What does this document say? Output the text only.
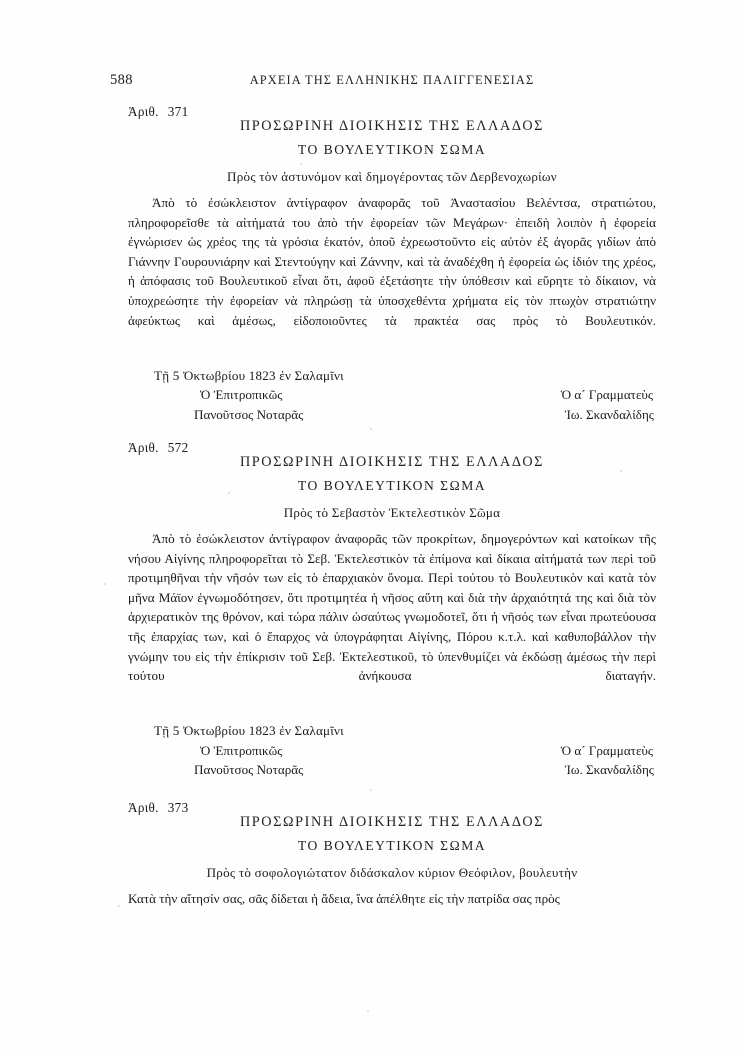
588	ΑΡΧΕΙΑ ΤΗΣ ΕΛΛΗΝΙΚΗΣ ΠΑΛΙΓΓΕΝΕΣΙΑΣ
Ἀριθ. 371
ΠΡΟΣΩΡΙΝΗ ΔΙΟΙΚΗΣΙΣ ΤΗΣ ΕΛΛΑΔΟΣ
ΤΟ ΒΟΥΛΕΥΤΙΚΟΝ ΣΩΜΑ
Πρὸς τὸν ἀστυνόμον καὶ δημογέροντας τῶν Δερβενοχωρίων
Ἀπὸ τὸ ἐσώκλειστον ἀντίγραφον ἀναφορᾶς τοῦ Ἀναστασίου Βελέντσα, στρατιώτου, πληροφορεῖσθε τὰ αἰτήματά του ἀπὸ τὴν ἐφορείαν τῶν Μεγάρων· ἐπειδὴ λοιπὸν ἡ ἐφορεία ἐγνώρισεν ὡς χρέος της τὰ γρόσια ἑκατόν, ὁποῦ ἐχρεωστοῦντο εἰς αὐτὸν ἐξ ἀγορᾶς γιδίων ἀπὸ Γιάννην Γουρουνιάρην καὶ Στεντούγην καὶ Ζάννην, καὶ τὰ ἀναδέχθη ἡ ἐφορεία ὡς ἰδιόν της χρέος, ἡ ἀπόφασις τοῦ Βουλευτικοῦ εἶναι ὅτι, ἀφοῦ ἐξετάσητε τὴν ὑπόθεσιν καὶ εὕρητε τὸ δίκαιον, νὰ ὑποχρεώσητε τὴν ἐφορείαν νὰ πληρώσῃ τὰ ὑποσχεθέντα χρήματα εἰς τὸν πτωχὸν στρατιώτην ἀφεύκτως καὶ ἀμέσως, εἰδοποιοῦντες τὰ πρακτέα σας πρὸς τὸ Βουλευτικόν.
Τῇ 5 Ὀκτωβρίου 1823 ἐν Σαλαμῖνι
Ὁ Ἐπιτροπικῶς
Πανοῦτσος Νοταρᾶς
Ὁ α´ Γραμματεὺς
Ἰω. Σκανδαλίδης
Ἀριθ. 572
ΠΡΟΣΩΡΙΝΗ ΔΙΟΙΚΗΣΙΣ ΤΗΣ ΕΛΛΑΔΟΣ
ΤΟ ΒΟΥΛΕΥΤΙΚΟΝ ΣΩΜΑ
Πρὸς τὸ Σεβαστὸν Ἐκτελεστικὸν Σῶμα
Ἀπὸ τὸ ἐσώκλειστον ἀντίγραφον ἀναφορᾶς τῶν προκρίτων, δημογερόντων καὶ κατοίκων τῆς νήσου Αἰγίνης πληροφορεῖται τὸ Σεβ. Ἐκτελεστικὸν τὰ ἐπίμονα καὶ δίκαια αἰτήματά των περὶ τοῦ προτιμηθῆναι τὴν νῆσόν των εἰς τὸ ἐπαρχιακὸν ὄνομα. Περὶ τούτου τὸ Βουλευτικὸν καὶ κατὰ τὸν μῆνα Μάϊον ἐγνωμοδότησεν, ὅτι προτιμητέα ἡ νῆσος αὕτη καὶ διὰ τὴν ἀρχαιότητά της καὶ διὰ τὸν ἀρχιερατικὸν της θρόνον, καὶ τώρα πάλιν ὡσαύτως γνωμοδοτεῖ, ὅτι ἡ νῆσός των εἶναι πρωτεύουσα τῆς ἐπαρχίας των, καὶ ὁ ἔπαρχος νὰ ὑπογράφηται Αἰγίνης, Πόρου κ.τ.λ. καὶ καθυποβάλλον τὴν γνώμην του εἰς τὴν ἐπίκρισιν τοῦ Σεβ. Ἐκτελεστικοῦ, τὸ ὑπενθυμίζει νὰ ἐκδώσῃ ἀμέσως τὴν περὶ τούτου ἀνήκουσα διαταγήν.
Τῇ 5 Ὀκτωβρίου 1823 ἐν Σαλαμῖνι
Ὁ Ἐπιτροπικῶς
Πανοῦτσος Νοταρᾶς
Ὁ α´ Γραμματεὺς
Ἰω. Σκανδαλίδης
Ἀριθ. 373
ΠΡΟΣΩΡΙΝΗ ΔΙΟΙΚΗΣΙΣ ΤΗΣ ΕΛΛΑΔΟΣ
ΤΟ ΒΟΥΛΕΥΤΙΚΟΝ ΣΩΜΑ
Πρὸς τὸ σοφολογιώτατον διδάσκαλον κύριον Θεόφιλον, βουλευτὴν
Κατὰ τὴν αἴτησίν σας, σᾶς δίδεται ἡ ἄδεια, ἵνα ἀπέλθητε εἰς τὴν πατρίδα σας πρὸς
